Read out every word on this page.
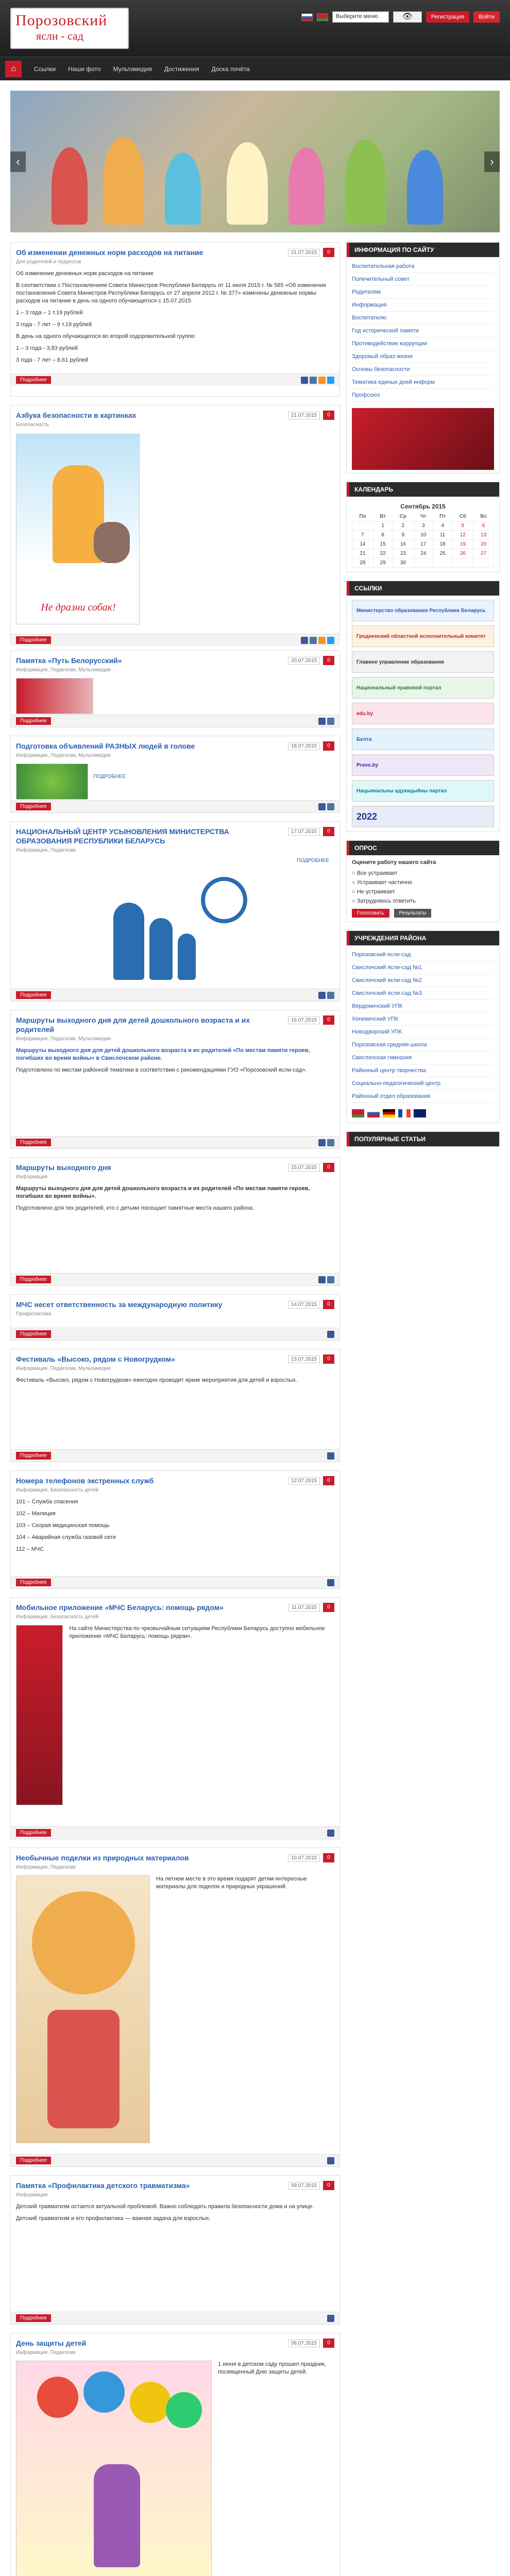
Порозовский
ясли - сад
Выберите меню	👁	Регистрация	Войти
⌂	Ссылки	Наши фото	Мультимедия	Достижения	Доска почёта
‹	›
Об изменении денежных норм расходов на питание	21.07.2015	0
Для родителей и педагогов

Об изменении денежных норм расходов на питание

В соответствии с Постановлением Совета Министров Республики Беларусь от 11 июля 2015 г. № 585 «Об изменении постановления Совета Министров Республики Беларусь от 27 апреля 2012 г. № 377» изменены денежные нормы расходов на питание в день на одного обучающегося с 15.07.2015

1 – 3 года – 1 т.19 рублей

3 года - 7 лет – 9 т.19 рублей

В день на одного обучающегося во второй оздоровительной группе:

1 – 3 года - 3,83 рублей

3 года - 7 лет – 8,61 рублей

Подробнее
Азбука безопасности в картинках	21.07.2015	0
Безопасность
Не дразни собак!
Подробнее
Памятка «Путь Белорусский»	20.07.2015	0
Информация, Педагогам, Мультимедия
Подробнее
Подготовка объявлений РАЗНЫХ людей в голове	18.07.2015	0
Информация, Педагогам, Мультимедия
ПОДРОБНЕЕ
Подробнее
НАЦИОНАЛЬНЫЙ ЦЕНТР УСЫНОВЛЕНИЯ МИНИСТЕРСТВА ОБРАЗОВАНИЯ РЕСПУБЛИКИ БЕЛАРУСЬ
17.07.2015	0
Информация, Педагогам
ПОДРОБНЕЕ
Подробнее
Маршруты выходного дня для детей дошкольного возраста и их родителей
16.07.2015	0
Информация, Педагогам, Мультимедия

Маршруты выходного дня для детей дошкольного возраста и их родителей «По местам памяти героев, погибших во время войны» в Свислочском районе.

Подготовлено по местам районной тематики в соответствии с рекомендациями ГУО «Порозовский ясли-сад».

Подробнее
Маршруты выходного дня	15.07.2015	0
Информация

Маршруты выходного дня для детей дошкольного возраста и их родителей «По местам памяти героев, погибших во время войны».

Подготовлено для тех родителей, кто с детьми посещает памятные места нашего района.

Подробнее
МЧС несет ответственность за международную политику	14.07.2015	0
Профилактика
Подробнее
Фестиваль «Высоко, рядом с Новогрудком»	13.07.2015	0
Информация, Педагогам, Мультимедия

Фестиваль «Высоко, рядом с Новогрудком» ежегодно проводит яркие мероприятия для детей и взрослых.

Подробнее
Номера телефонов экстренных служб	12.07.2015	0
Информация, Безопасность детей

101 – Служба спасения

102 – Милиция

103 – Скорая медицинская помощь

104 – Аварийная служба газовой сети

112 – МЧС

Подробнее
Мобильное приложение «МЧС Беларусь: помощь рядом»	11.07.2015	0
Информация, Безопасность детей

На сайте Министерства по чрезвычайным ситуациям Республики Беларусь доступно мобильное приложение «МЧС Беларусь: помощь рядом».

Подробнее
Необычные поделки из природных материалов	10.07.2015	0
Информация, Педагогам

На летнем месте в это время подарят детям интересные материалы для поделок и природных украшений.

Подробнее
Памятка «Профилактика детского травматизма»	09.07.2015	0
Информация

Детский травматизм остается актуальной проблемой. Важно соблюдать правила безопасности дома и на улице.

Детский травматизм и его профилактика — важная задача для взрослых.

Подробнее
День защиты детей	08.07.2015	0
Информация, Педагогам

1 июня в детском саду прошел праздник, посвященный Дню защиты детей.

ИНФОРМАЦИЯ ПО САЙТУ
Воспитательная работа
Попечительный совет
Родителям
Информация
Воспитателю
Год исторической памяти
Противодействие коррупции
Здоровый образ жизни
Основы безопасности
Тематика единых дней информ
Профсоюз
КАЛЕНДАРЬ
Сентябрь 2015
Пн	Вт	Ср	Чт	Пт	Сб	Вс
	1	2	3	4	5	6
7	8	9	10	11	12	13
14	15	16	17	18	19	20
21	22	23	24	25	26	27
28	29	30				
ССЫЛКИ
Министерство образования Республики Беларусь
Гродненский областной исполнительный комитет
Главное управление образования
Национальный правовой портал
edu.by
Белта
Pravo.by
Нацыянальны адукацыйны партал
2022
ОПРОС
Оцените работу нашего сайта
○ Все устраивает
○ Устраивает частично
○ Не устраивает
○ Затрудняюсь ответить
Голосовать	Результаты
УЧРЕЖДЕНИЯ РАЙОНА
Порозовский ясли-сад
Свислочский ясли-сад №1
Свислочский ясли-сад №2
Свислочский ясли-сад №3
Вердомичский УПК
Хоневичский УПК
Новодворский УПК
Порозовская средняя школа
Свислочская гимназия
Районный центр творчества
Социально-педагогический центр
Районный отдел образования
ПОПУЛЯРНЫЕ СТАТЬИ
